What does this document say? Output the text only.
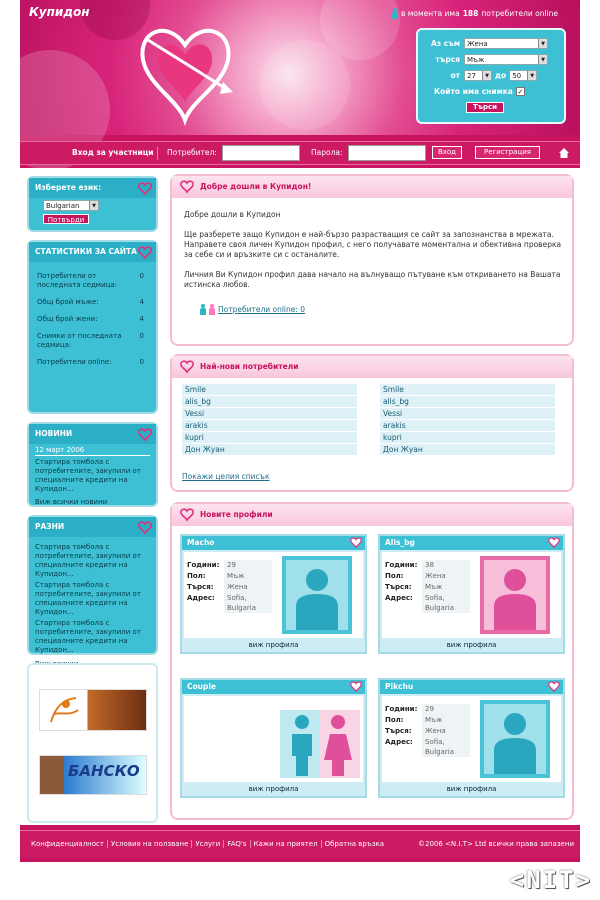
Купидон	в момента има 188 потребители online
Аз съм	Жена	▼
търся	Мъж	▼
от	27	▼ до 50	▼
Който има снимка ✓
Търси
Вход за участници Потребител:	Парола:	Вход	Регистрация
Изберете език:
Bulgarian	▼
Потвърди
СТАТИСТИКИ ЗА САЙТА
Потребители от последната седмица:
0
Общ брой мъже:	4
Общ брой жени:	4
Снимки от последната седмица:
0
Потребители online:	0
НОВИНИ
12 март 2006
Стартира томбола с потребителите, закупили от специалните кредити на Купидон...
Виж всички новини
РАЗНИ
Стартира томбола с потребителите, закупили от специалните кредити на Купидон...
Стартира томбола с потребителите, закупили от специалните кредити на Купидон...
Стартира томбола с потребителите, закупили от специалните кредити на Купидон...
БАНСКО
Добре дошли в Купидон!

Добре дошли в Купидон

Ще разберете защо Купидон е най-бързо разрастващия се сайт за запознанства в мрежата. Направете своя личен Купидон профил, с него получавате моментална и обективна проверка за себе си и връзките си с останалите.

Личния Ви Купидон профил дава начало на вълнуващо пътуване към откриването на Вашата истинска любов.

Потребители online: 0
Най-нови потребители
Smile
alis_bg
Vessi
arakis
kupri
Дон Жуан
Smile
alis_bg
Vessi
arakis
kupri
Дон Жуан
Покажи целия списък
Новите профили
Macho
Години:	29
Пол:	Мъж
Търся:	Жена
Адрес:	Sofia, Bulgaria
виж профила
Alis_bg
Години:	38
Пол:	Жена
Търся:	Мъж
Адрес:	Sofia, Bulgaria
виж профила
Couple
виж профила
Pikchu
Години:	29
Пол:	Мъж
Търся:	Жена
Адрес:	Sofia, Bulgaria
виж профила
Конфиденциалност	Условия на ползване	Услуги	FAQ's	Кажи на приятел	Обратна връзка	©2006 <N.I.T> Ltd всички права запазени
<NIT>
